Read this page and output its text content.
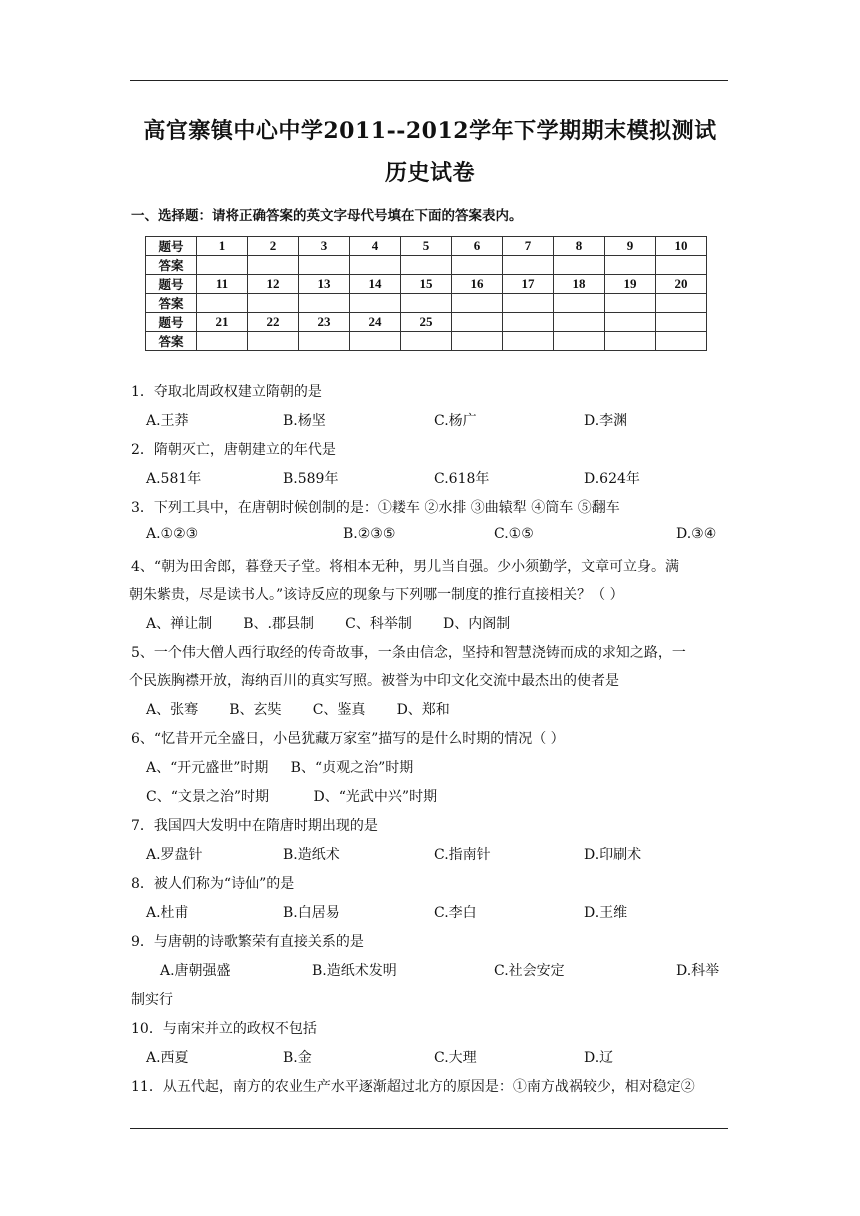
高官寨镇中心中学2011--2012学年下学期期末模拟测试
历史试卷
一、选择题：请将正确答案的英文字母代号填在下面的答案表内。
题号	1	2	3	4	5	6	7	8	9	10
答案										
题号	11	12	13	14	15	16	17	18	19	20
答案										
题号	21	22	23	24	25					
答案										
1．夺取北周政权建立隋朝的是
A.王莽	B.杨坚	C.杨广	D.李渊
2．隋朝灭亡，唐朝建立的年代是
A.581年	B.589年	C.618年	D.624年
3．下列工具中，在唐朝时候创制的是：①耧车 ②水排 ③曲辕犁 ④筒车 ⑤翻车
A.①②③	B.②③⑤	C.①⑤	D.③④
4、“朝为田舍郎，暮登天子堂。将相本无种，男儿当自强。少小须勤学，文章可立身。满
朝朱紫贵，尽是读书人。”该诗反应的现象与下列哪一制度的推行直接相关？（ ）
A、禅让制       B、.郡县制       C、科举制       D、内阁制
5、一个伟大僧人西行取经的传奇故事，一条由信念，坚持和智慧浇铸而成的求知之路，一
个民族胸襟开放，海纳百川的真实写照。被誉为中印文化交流中最杰出的使者是
A、张骞       B、玄奘       C、鉴真       D、郑和
6、“忆昔开元全盛日，小邑犹藏万家室”描写的是什么时期的情况（ ）
A、“开元盛世”时期     B、“贞观之治”时期
C、“文景之治”时期          D、“光武中兴”时期
7．我国四大发明中在隋唐时期出现的是
A.罗盘针	B.造纸术	C.指南针	D.印刷术
8．被人们称为“诗仙”的是
A.杜甫	B.白居易	C.李白	D.王维
9．与唐朝的诗歌繁荣有直接关系的是
A.唐朝强盛	B.造纸术发明	C.社会安定	D.科举
制实行
10．与南宋并立的政权不包括
A.西夏	B.金	C.大理	D.辽
11．从五代起，南方的农业生产水平逐渐超过北方的原因是：①南方战祸较少，相对稳定②
